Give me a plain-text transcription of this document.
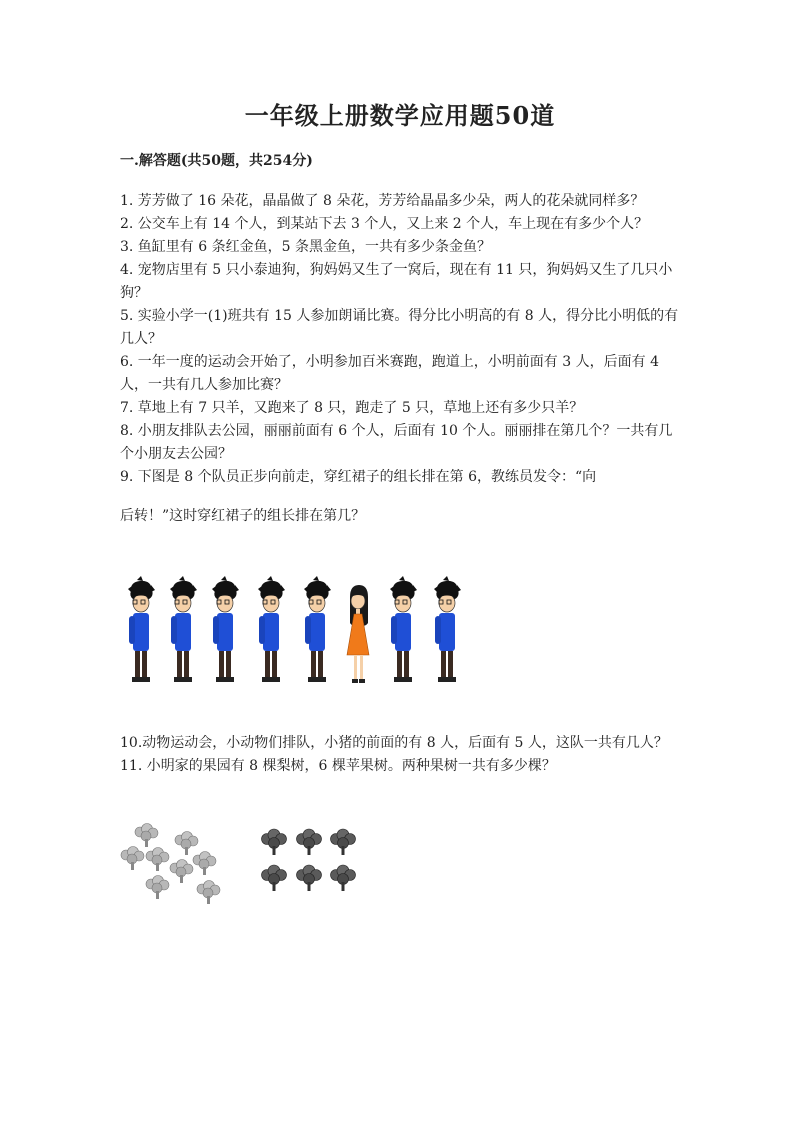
一年级上册数学应用题50道
一.解答题(共50题，共254分)

1. 芳芳做了 16 朵花，晶晶做了 8 朵花，芳芳给晶晶多少朵，两人的花朵就同样多？

2. 公交车上有 14 个人，到某站下去 3 个人，又上来 2 个人，车上现在有多少个人？

3. 鱼缸里有 6 条红金鱼，5 条黑金鱼，一共有多少条金鱼？

4. 宠物店里有 5 只小泰迪狗，狗妈妈又生了一窝后，现在有 11 只，狗妈妈又生了几只小狗？

5. 实验小学一(1)班共有 15 人参加朗诵比赛。得分比小明高的有 8 人，得分比小明低的有几人？

6. 一年一度的运动会开始了，小明参加百米赛跑，跑道上，小明前面有 3 人，后面有 4 人，一共有几人参加比赛？

7. 草地上有 7 只羊，又跑来了 8 只，跑走了 5 只，草地上还有多少只羊？

8. 小朋友排队去公园，丽丽前面有 6 个人，后面有 10 个人。丽丽排在第几个？一共有几个小朋友去公园？

9. 下图是 8 个队员正步向前走，穿红裙子的组长排在第 6，教练员发令：“向

后转！”这时穿红裙子的组长排在第几？

10.动物运动会，小动物们排队，小猪的前面的有 8 人，后面有 5 人，这队一共有几人？

11. 小明家的果园有 8 棵梨树，6 棵苹果树。两种果树一共有多少棵？
